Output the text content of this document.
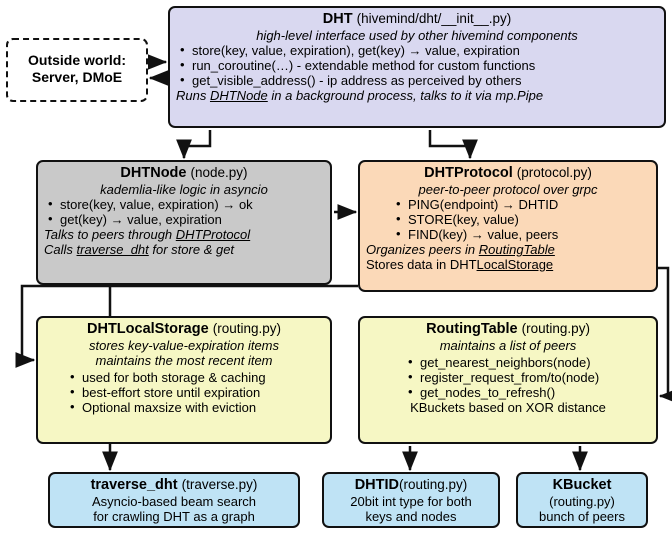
DHT (hivemind/dht/__init__.py)
high-level interface used by other hivemind components
• store(key, value, expiration), get(key) → value, expiration
• run_coroutine(…) - extendable method for custom functions
• get_visible_address() - ip address as perceived by others
Runs DHTNode in a background process, talks to it via mp.Pipe
Outside world:
Server, DMoE
DHTNode (node.py)
kademlia-like logic in asyncio
• store(key, value, expiration) → ok
• get(key) → value, expiration
Talks to peers through DHTProtocol
Calls traverse_dht for store & get
DHTProtocol (protocol.py)
peer-to-peer protocol over grpc
• PING(endpoint) → DHTID
• STORE(key, value)
• FIND(key) → value, peers
Organizes peers in RoutingTable
Stores data in DHTLocalStorage
DHTLocalStorage (routing.py)
stores key-value-expiration items
maintains the most recent item
• used for both storage & caching
• best-effort store until expiration
• Optional maxsize with eviction
RoutingTable (routing.py)
maintains a list of peers
• get_nearest_neighbors(node)
• register_request_from/to(node)
• get_nodes_to_refresh()
KBuckets based on XOR distance
traverse_dht (traverse.py)
Asyncio-based beam search
for crawling DHT as a graph
DHTID(routing.py)
20bit int type for both
keys and nodes
KBucket
(routing.py)
bunch of peers
